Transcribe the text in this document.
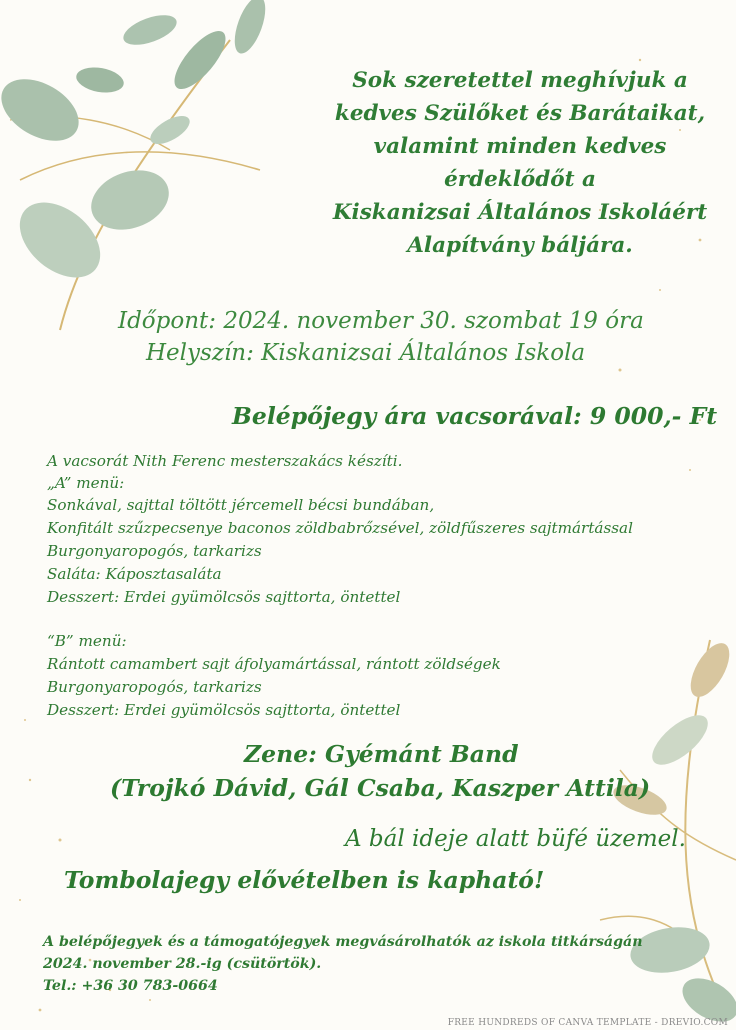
Sok szeretettel meghívjuk a
kedves Szülőket és Barátaikat,
valamint minden kedves
érdeklődőt a
Kiskanizsai Általános Iskoláért
Alapítvány báljára.
Időpont: 2024. november 30. szombat 19 óra
Helyszín: Kiskanizsai Általános Iskola
Belépőjegy ára vacsorával: 9 000,- Ft
A vacsorát Nith Ferenc mesterszakács készíti.
„A” menü:
Sonkával, sajttal töltött jércemell bécsi bundában,
Konfitált szűzpecsenye baconos zöldbabrőzsével, zöldfűszeres sajtmártással
Burgonyaropogós, tarkarizs
Saláta: Káposztasaláta
Desszert: Erdei gyümölcsös sajttorta, öntettel
“B” menü:
Rántott camambert sajt áfolyamártással, rántott zöldségek
Burgonyaropogós, tarkarizs
Desszert: Erdei gyümölcsös sajttorta, öntettel
Zene: Gyémánt Band
(Trojkó Dávid, Gál Csaba, Kaszper Attila)
A bál ideje alatt büfé üzemel.
Tombolajegy elővételben is kapható!
A belépőjegyek és a támogatójegyek megvásárolhatók az iskola titkárságán
2024. november 28.-ig (csütörtök).
Tel.: +36 30 783-0664
FREE HUNDREDS OF CANVA TEMPLATE - DREVIO.COM
